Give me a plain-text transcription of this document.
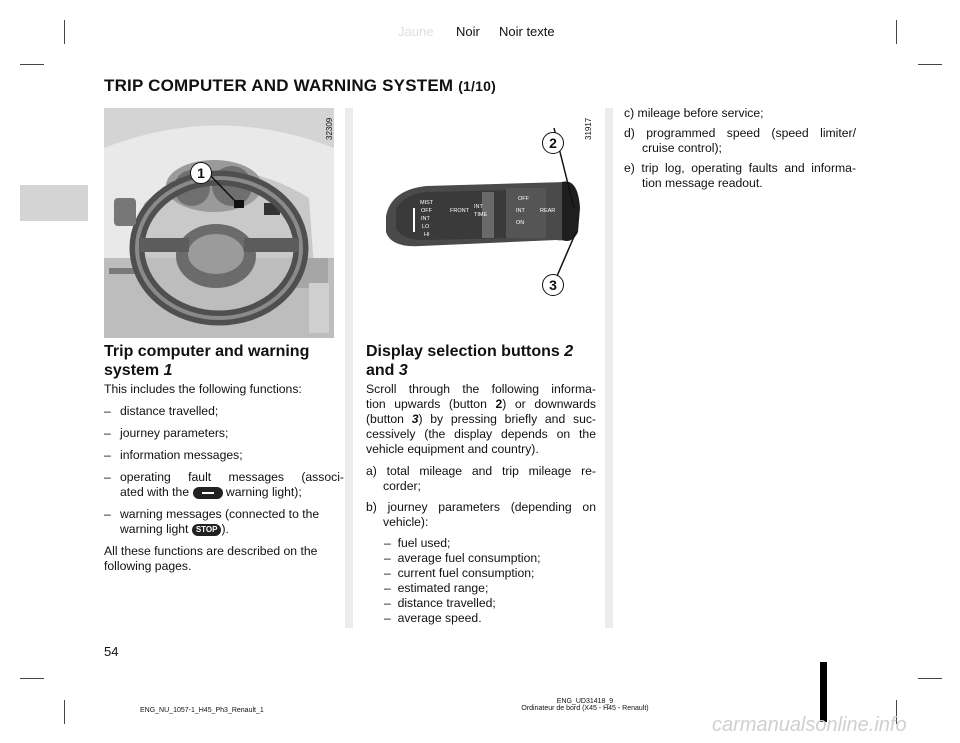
Jaune Noir Noir texte
TRIP COMPUTER AND WARNING SYSTEM (1/10)
1
32309
MIST
OFF
INT
LO
HI
FRONT
INT
TIME
OFF
INT
ON
REAR
2
3
31917
Trip computer and warning
system 1
This includes the following functions:
– distance travelled;
– journey parameters;
– information messages;
– operating fault messages (associ-
ated with the  warning light);
– warning messages (connected to the
warning light STOP ).
All these functions are described on the
following pages.
Display selection buttons 2
and 3
Scroll through the following informa-
tion upwards (button 2) or downwards
(button 3) by pressing briefly and suc-
cessively (the display depends on the
vehicle equipment and country).
a) total mileage and trip mileage re-
corder;
b) journey parameters (depending on
vehicle):
– fuel used;
– average fuel consumption;
– current fuel consumption;
– estimated range;
– distance travelled;
– average speed.
c) mileage before service;
d) programmed speed (speed limiter/
cruise control);
e) trip log, operating faults and informa-
tion message readout.
54
ENG_NU_1057-1_H45_Ph3_Renault_1
ENG_UD31418_9
Ordinateur de bord (X45 - H45 - Renault)
carmanualsonline.info
